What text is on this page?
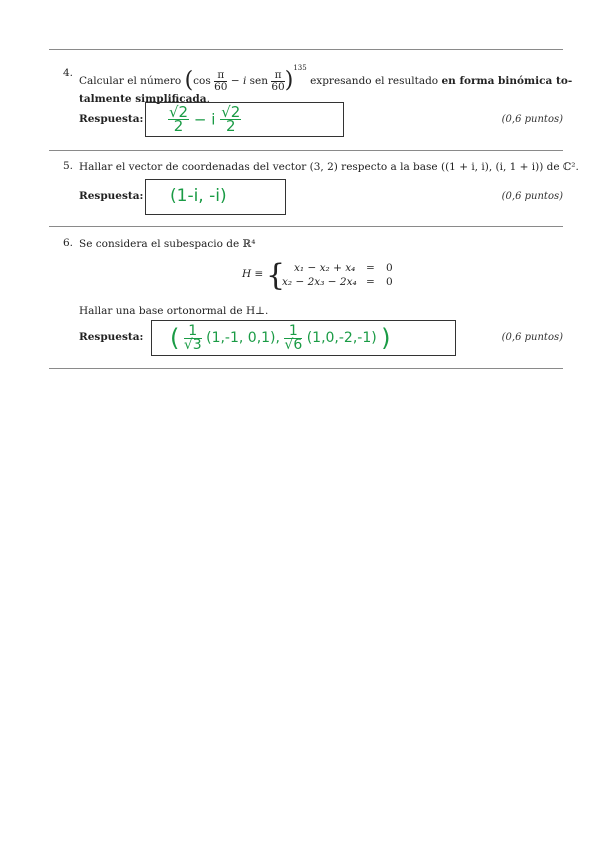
4.
Calcular el número ($\cos \frac{\pi}{60} - i$ sen $\frac{\pi}{60} )^{135}$ expresando el resultado en forma binómica to-
talmente simplificada.
Respuesta: $\frac{√2}{2} - i \frac{√2}{2}$	(0,6 puntos)
5. Hallar el vector de coordenadas del vector (3, 2) respecto a la base ((1 + i, i), (i, 1 + i)) de ℂ².
Respuesta: (1-i, -i)	(0,6 puntos)
6. Se considera el subespacio de ℝ⁴
H ≡ { x₁ − x₂ + x₄ = 0
x₂ − 2x₃ − 2x₄ = 0
Hallar una base ortonormal de H⊥.
Respuesta: ( $\frac{1}{√3} (1,-1$, 0,1), $\frac{1}{√6} (1,0,-2,-1)$ )	(0,6 puntos)
